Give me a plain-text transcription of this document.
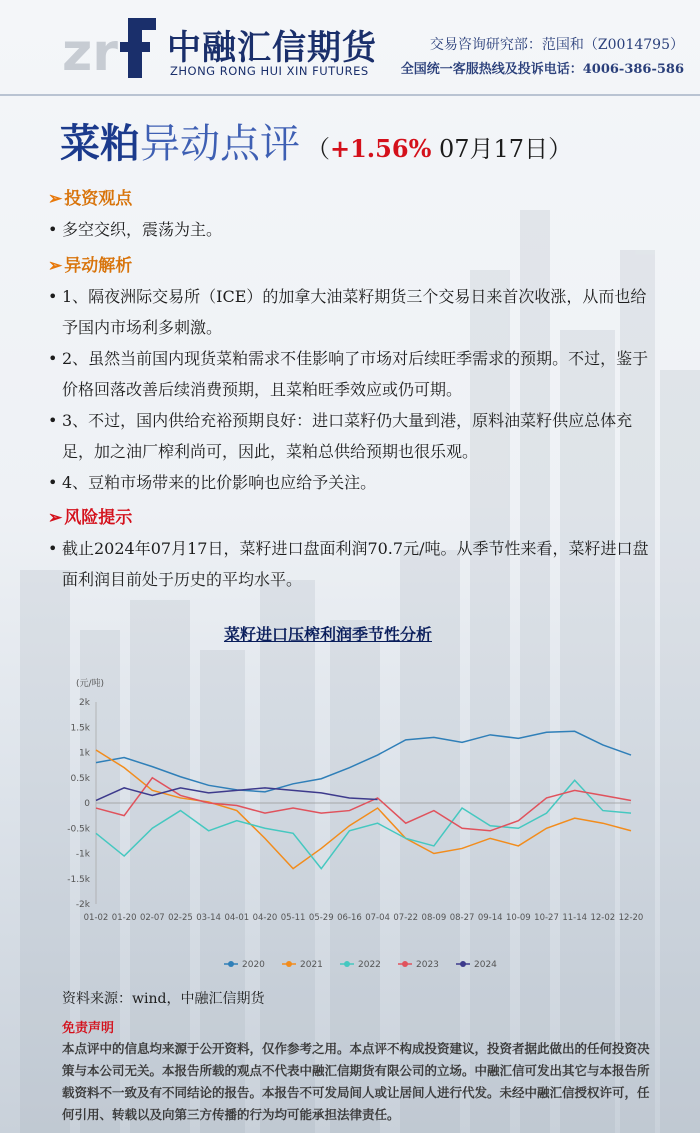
zr 中融汇信期货
ZHONG RONG HUI XIN FUTURES
交易咨询研究部：范国和（Z0014795）
全国统一客服热线及投诉电话：4006-386-586
菜粕异动点评 （+1.56% 07月17日）
➢ 投资观点
• 多空交织，震荡为主。
➢ 异动解析
• 1、隔夜洲际交易所（ICE）的加拿大油菜籽期货三个交易日来首次收涨，从而也给予国内市场利多刺激。
• 2、虽然当前国内现货菜粕需求不佳影响了市场对后续旺季需求的预期。不过，鉴于价格回落改善后续消费预期，且菜粕旺季效应或仍可期。
• 3、不过，国内供给充裕预期良好：进口菜籽仍大量到港，原料油菜籽供应总体充足，加之油厂榨利尚可，因此，菜粕总供给预期也很乐观。
• 4、豆粕市场带来的比价影响也应给予关注。
➢ 风险提示
• 截止2024年07月17日，菜籽进口盘面利润70.7元/吨。从季节性来看，菜籽进口盘面利润目前处于历史的平均水平。
菜籽进口压榨利润季节性分析
(元/吨)
2k
1.5k
1k
0.5k
0
-0.5k
-1k
-1.5k
-2k
01-02 01-20 02-07 02-25 03-14 04-01 04-20 05-11 05-29 06-16 07-04 07-22 08-09 08-27 09-14 10-09 10-27 11-14 12-02 12-20
2020	2021	2022	2023	2024
资料来源：wind，中融汇信期货
免责声明
本点评中的信息均来源于公开资料，仅作参考之用。本点评不构成投资建议，投资者据此做出的任何投资决策与本公司无关。本报告所载的观点不代表中融汇信期货有限公司的立场。中融汇信可发出其它与本报告所载资料不一致及有不同结论的报告。本报告不可发局间人或让居间人进行代发。未经中融汇信授权许可，任何引用、转载以及向第三方传播的行为均可能承担法律责任。
